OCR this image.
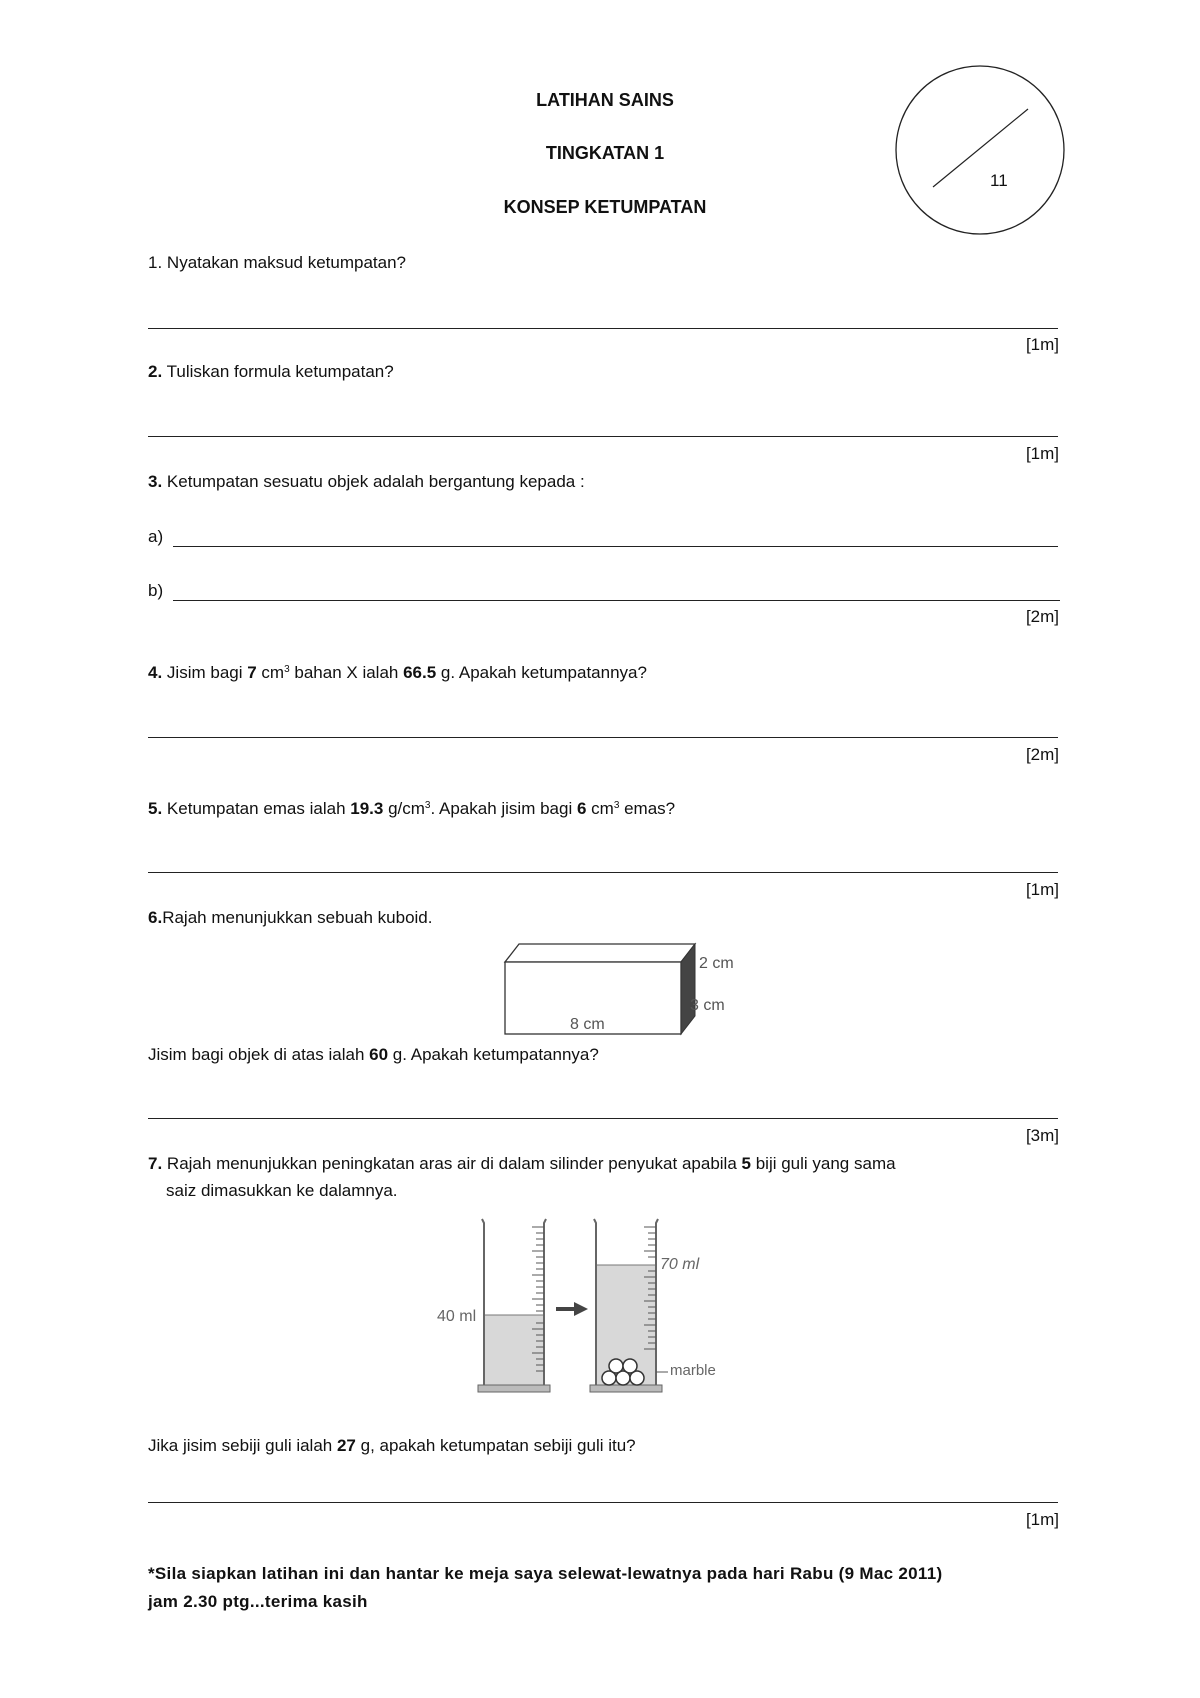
LATIHAN SAINS
TINGKATAN 1
KONSEP KETUMPATAN
11
1. Nyatakan maksud ketumpatan?
[1m]
2. Tuliskan formula ketumpatan?
[1m]
3. Ketumpatan sesuatu objek adalah bergantung kepada :
a)
b)
[2m]
4. Jisim bagi 7 $cm^3$ bahan X ialah 66.5 g. Apakah ketumpatannya?
[2m]
5. Ketumpatan emas ialah 19.3 $g/cm^3$. Apakah jisim bagi 6 $cm^3$ emas?
[1m]
6.Rajah menunjukkan sebuah kuboid.
2 cm
3 cm
8 cm
Jisim bagi objek di atas ialah 60 g. Apakah ketumpatannya?
[3m]
7. Rajah menunjukkan peningkatan aras air di dalam silinder penyukat apabila 5 biji guli yang sama
saiz dimasukkan ke dalamnya.
40 ml
70 ml
marble
Jika jisim sebiji guli ialah 27 g, apakah ketumpatan sebiji guli itu?
[1m]
*Sila siapkan latihan ini dan hantar ke meja saya selewat-lewatnya pada hari Rabu (9 Mac 2011)
jam 2.30 ptg...terima kasih
